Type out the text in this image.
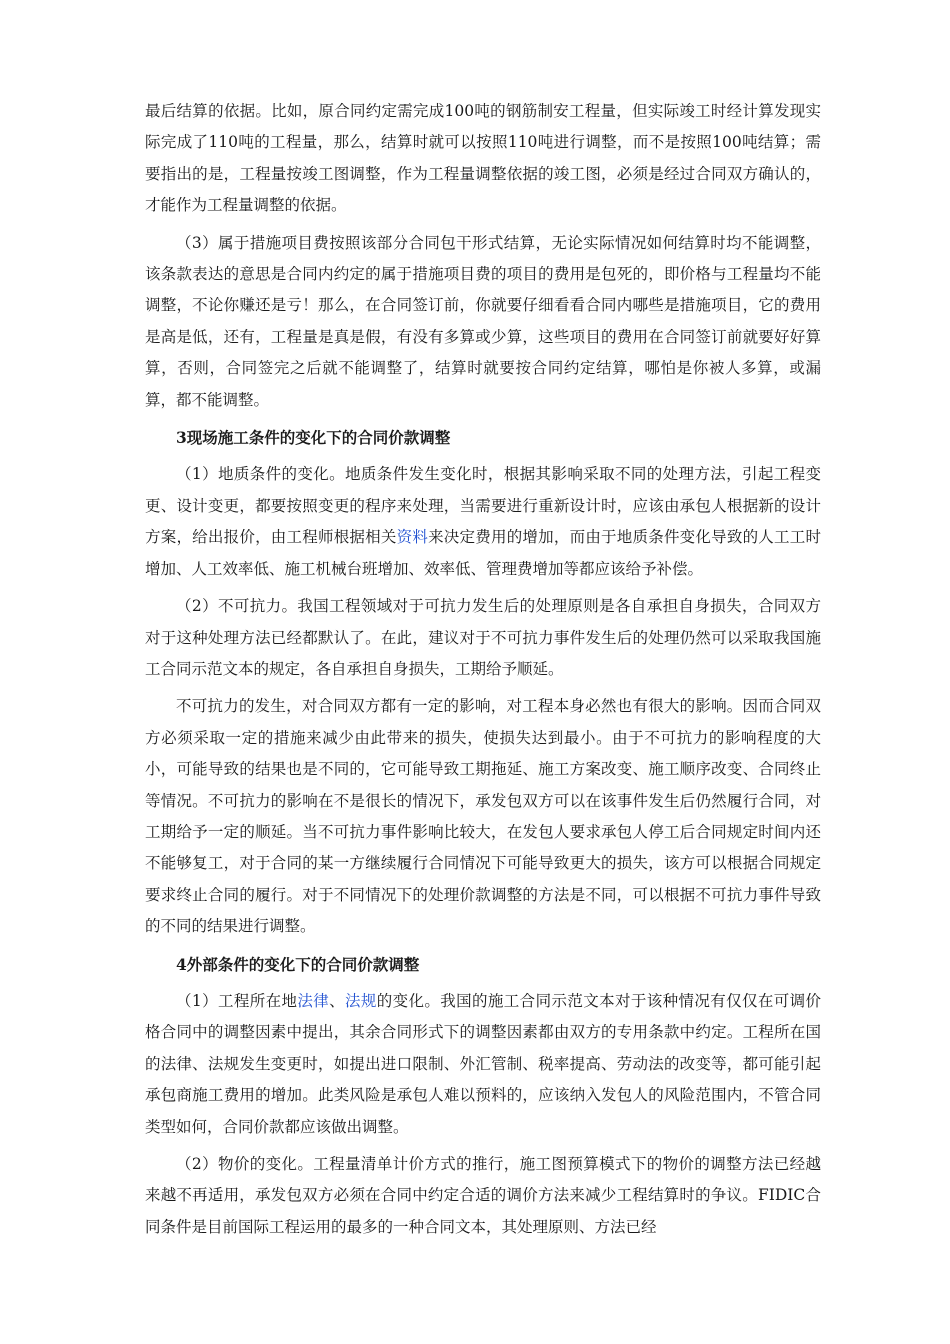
最后结算的依据。比如，原合同约定需完成100吨的钢筋制安工程量，但实际竣工时经计算发现实际完成了110吨的工程量，那么，结算时就可以按照110吨进行调整，而不是按照100吨结算；需要指出的是，工程量按竣工图调整，作为工程量调整依据的竣工图，必须是经过合同双方确认的，才能作为工程量调整的依据。

（3）属于措施项目费按照该部分合同包干形式结算，无论实际情况如何结算时均不能调整，该条款表达的意思是合同内约定的属于措施项目费的项目的费用是包死的，即价格与工程量均不能调整，不论你赚还是亏！那么，在合同签订前，你就要仔细看看合同内哪些是措施项目，它的费用是高是低，还有，工程量是真是假，有没有多算或少算，这些项目的费用在合同签订前就要好好算算，否则，合同签完之后就不能调整了，结算时就要按合同约定结算，哪怕是你被人多算，或漏算，都不能调整。

3现场施工条件的变化下的合同价款调整

（1）地质条件的变化。地质条件发生变化时，根据其影响采取不同的处理方法，引起工程变更、设计变更，都要按照变更的程序来处理，当需要进行重新设计时，应该由承包人根据新的设计方案，给出报价，由工程师根据相关资料来决定费用的增加，而由于地质条件变化导致的人工工时增加、人工效率低、施工机械台班增加、效率低、管理费增加等都应该给予补偿。

（2）不可抗力。我国工程领域对于可抗力发生后的处理原则是各自承担自身损失，合同双方对于这种处理方法已经都默认了。在此，建议对于不可抗力事件发生后的处理仍然可以采取我国施工合同示范文本的规定，各自承担自身损失，工期给予顺延。

不可抗力的发生，对合同双方都有一定的影响，对工程本身必然也有很大的影响。因而合同双方必须采取一定的措施来减少由此带来的损失，使损失达到最小。由于不可抗力的影响程度的大小，可能导致的结果也是不同的，它可能导致工期拖延、施工方案改变、施工顺序改变、合同终止等情况。不可抗力的影响在不是很长的情况下，承发包双方可以在该事件发生后仍然履行合同，对工期给予一定的顺延。当不可抗力事件影响比较大，在发包人要求承包人停工后合同规定时间内还不能够复工，对于合同的某一方继续履行合同情况下可能导致更大的损失，该方可以根据合同规定要求终止合同的履行。对于不同情况下的处理价款调整的方法是不同，可以根据不可抗力事件导致的不同的结果进行调整。

4外部条件的变化下的合同价款调整

（1）工程所在地法律、法规的变化。我国的施工合同示范文本对于该种情况有仅仅在可调价格合同中的调整因素中提出，其余合同形式下的调整因素都由双方的专用条款中约定。工程所在国的法律、法规发生变更时，如提出进口限制、外汇管制、税率提高、劳动法的改变等，都可能引起承包商施工费用的增加。此类风险是承包人难以预料的，应该纳入发包人的风险范围内，不管合同类型如何，合同价款都应该做出调整。

（2）物价的变化。工程量清单计价方式的推行，施工图预算模式下的物价的调整方法已经越来越不再适用，承发包双方必须在合同中约定合适的调价方法来减少工程结算时的争议。FIDIC合同条件是目前国际工程运用的最多的一种合同文本，其处理原则、方法已经
